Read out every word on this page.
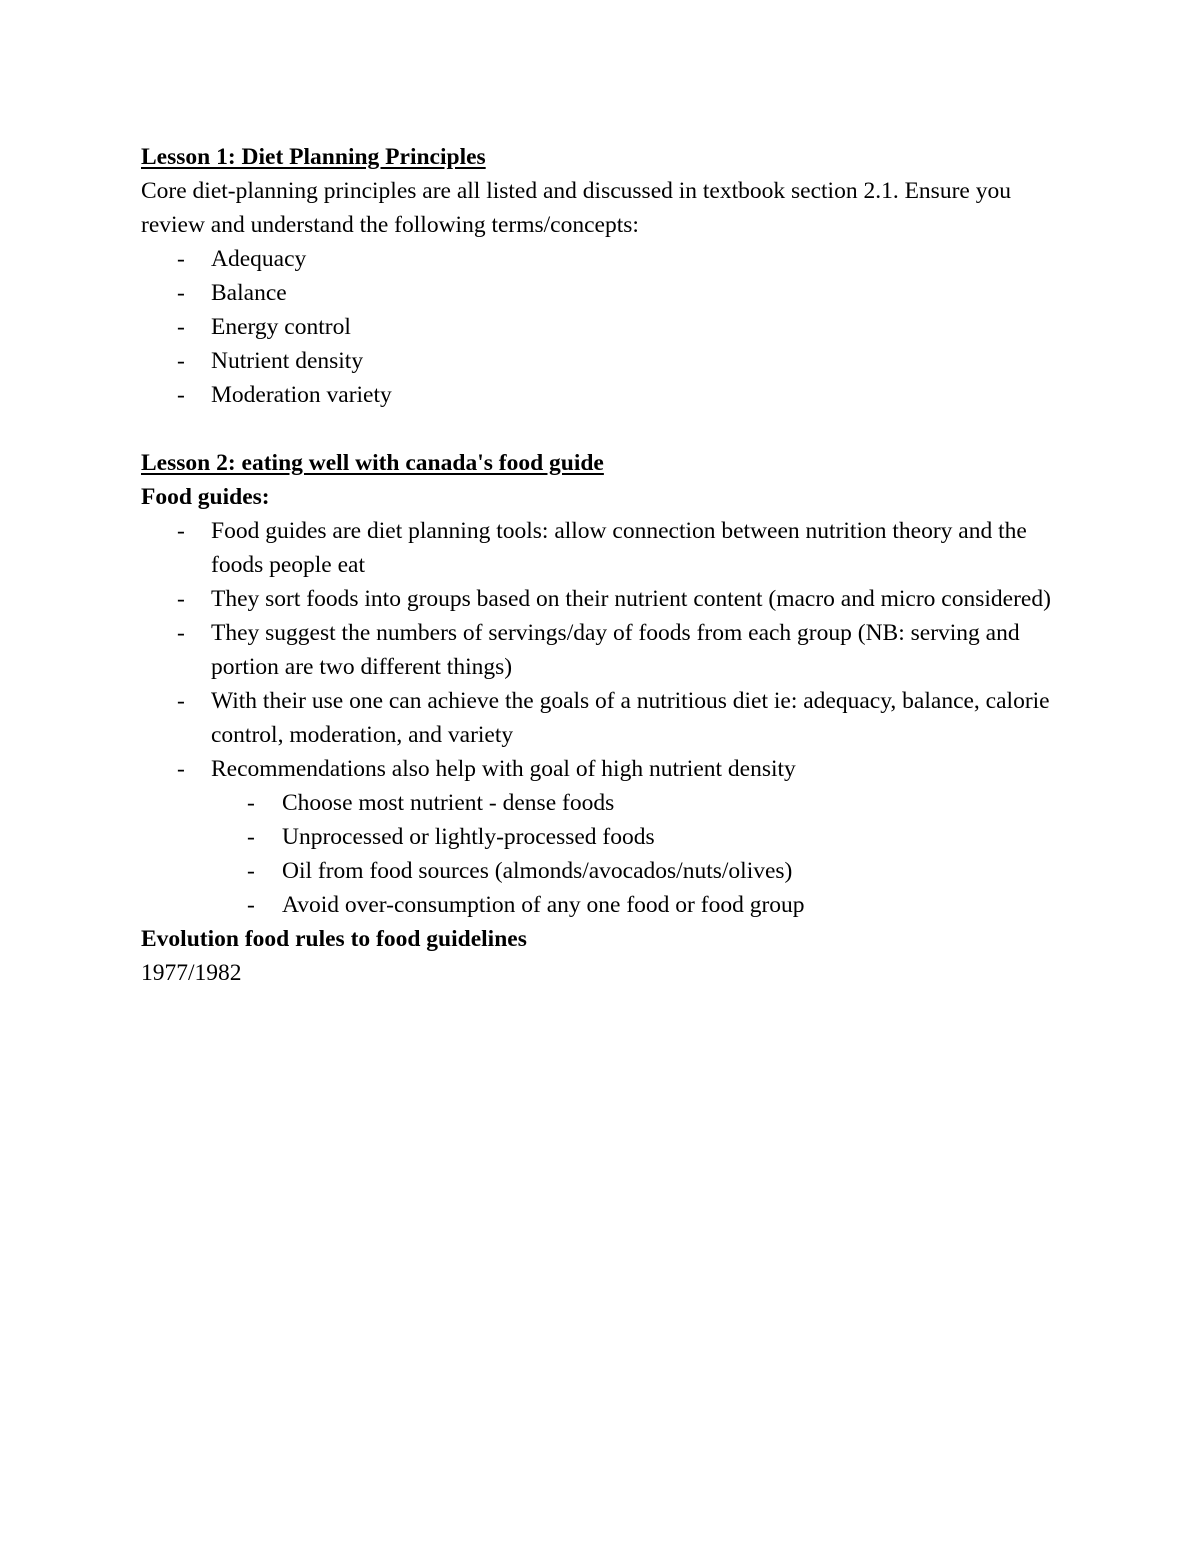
Lesson 1: Diet Planning Principles

Core diet-planning principles are all listed and discussed in textbook section 2.1. Ensure you review and understand the following terms/concepts:

- Adequacy
- Balance
- Energy control
- Nutrient density
- Moderation variety

Lesson 2: eating well with canada's food guide

Food guides:

- Food guides are diet planning tools: allow connection between nutrition theory and the foods people eat
- They sort foods into groups based on their nutrient content (macro and micro considered)
- They suggest the numbers of servings/day of foods from each group (NB: serving and portion are two different things)
- With their use one can achieve the goals of a nutritious diet ie: adequacy, balance, calorie control, moderation, and variety
- Recommendations also help with goal of high nutrient density
- Choose most nutrient - dense foods
- Unprocessed or lightly-processed foods
- Oil from food sources (almonds/avocados/nuts/olives)
- Avoid over-consumption of any one food or food group

Evolution food rules to food guidelines

1977/1982
